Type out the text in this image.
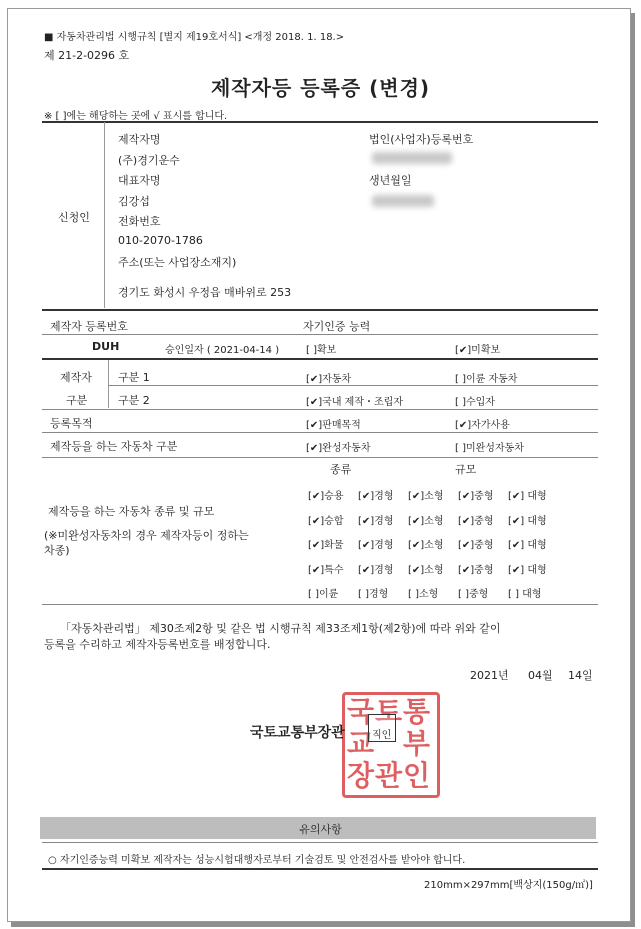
■ 자동차관리법 시행규칙 [별지 제19호서식] <개정 2018. 1. 18.>
제 21-2-0296 호
제작자등 등록증 (변경)
※ [ ]에는 해당하는 곳에 √ 표시를 합니다.
신청인
제작자명	법인(사업자)등록번호
(주)경기운수
대표자명	생년월일
김강섭
전화번호
010-2070-1786
주소(또는 사업장소재지)
경기도 화성시 우정읍 매바위로 253
제작자 등록번호	자기인증 능력
DUH	승인일자 ( 2021-04-14 )	[ ]확보	[✔]미확보
제작자
구분
구분 1	[✔]자동차	[ ]이륜 자동차
구분 2	[✔]국내 제작・조립자	[ ]수입자
등록목적	[✔]판매목적	[✔]자가사용
제작등을 하는 자동차 구분	[✔]완성자동차	[ ]미완성자동차
제작등을 하는 자동차 종류 및 규모
(※미완성자동차의 경우 제작자등이 정하는
차종)
종류	규모
[✔]승용 [✔]경형 [✔]소형 [✔]중형 [✔] 대형
[✔]승합 [✔]경형 [✔]소형 [✔]중형 [✔] 대형
[✔]화물 [✔]경형 [✔]소형 [✔]중형 [✔] 대형
[✔]특수 [✔]경형 [✔]소형 [✔]중형 [✔] 대형
[ ]이륜 [ ]경형 [ ]소형 [ ]중형 [ ] 대형
「자동차관리법」 제30조제2항 및 같은 법 시행규칙 제33조제1항(제2항)에 따라 위와 같이
등록을 수리하고 제작자등록번호를 배정합니다.
2021년 04월 14일
국 토 통
교 부
장 관 인
국토교통부장관	직인
유의사항
○ 자기인증능력 미확보 제작자는 성능시험대행자로부터 기술검토 및 안전검사를 받아야 합니다.
210mm×297mm[백상지(150g/㎡)]
